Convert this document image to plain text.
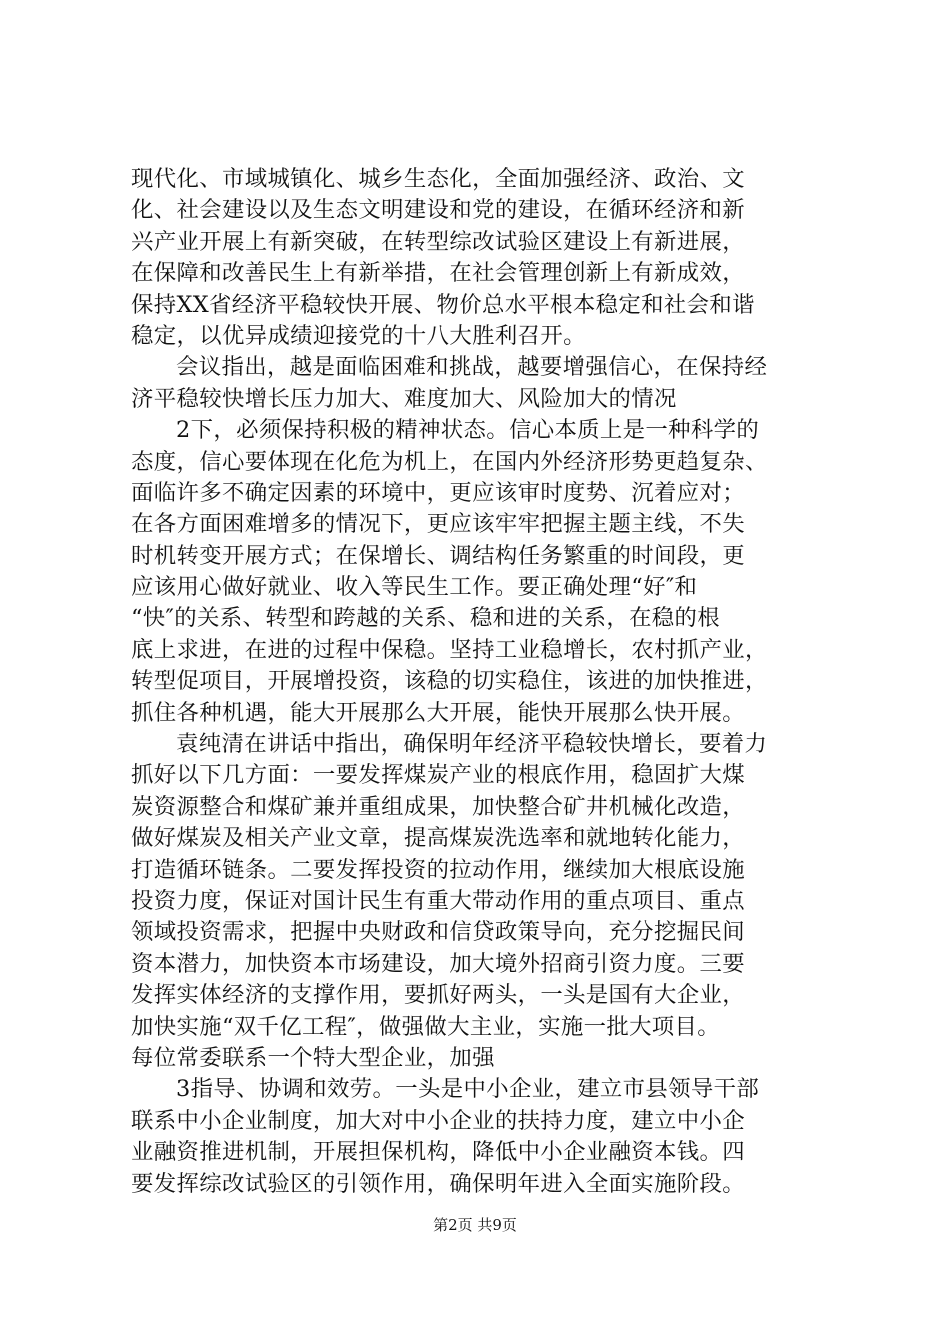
现代化、市域城镇化、城乡生态化，全面加强经济、政治、文
化、社会建设以及生态文明建设和党的建设，在循环经济和新
兴产业开展上有新突破，在转型综改试验区建设上有新进展，
在保障和改善民生上有新举措，在社会管理创新上有新成效，
保持XX省经济平稳较快开展、物价总水平根本稳定和社会和谐
稳定，以优异成绩迎接党的十八大胜利召开。
会议指出，越是面临困难和挑战，越要增强信心，在保持经
济平稳较快增长压力加大、难度加大、风险加大的情况
2下，必须保持积极的精神状态。信心本质上是一种科学的
态度，信心要体现在化危为机上，在国内外经济形势更趋复杂、
面临许多不确定因素的环境中，更应该审时度势、沉着应对；
在各方面困难增多的情况下，更应该牢牢把握主题主线，不失
时机转变开展方式；在保增长、调结构任务繁重的时间段，更
应该用心做好就业、收入等民生工作。要正确处理“好″和
“快″的关系、转型和跨越的关系、稳和进的关系，在稳的根
底上求进，在进的过程中保稳。坚持工业稳增长，农村抓产业，
转型促项目，开展增投资，该稳的切实稳住，该进的加快推进，
抓住各种机遇，能大开展那么大开展，能快开展那么快开展。
袁纯清在讲话中指出，确保明年经济平稳较快增长，要着力
抓好以下几方面：一要发挥煤炭产业的根底作用，稳固扩大煤
炭资源整合和煤矿兼并重组成果，加快整合矿井机械化改造，
做好煤炭及相关产业文章，提高煤炭洗选率和就地转化能力，
打造循环链条。二要发挥投资的拉动作用，继续加大根底设施
投资力度，保证对国计民生有重大带动作用的重点项目、重点
领域投资需求，把握中央财政和信贷政策导向，充分挖掘民间
资本潜力，加快资本市场建设，加大境外招商引资力度。三要
发挥实体经济的支撑作用，要抓好两头，一头是国有大企业，
加快实施“双千亿工程″，做强做大主业，实施一批大项目。
每位常委联系一个特大型企业，加强
3指导、协调和效劳。一头是中小企业，建立市县领导干部
联系中小企业制度，加大对中小企业的扶持力度，建立中小企
业融资推进机制，开展担保机构，降低中小企业融资本钱。四
要发挥综改试验区的引领作用，确保明年进入全面实施阶段。
第2页 共9页
